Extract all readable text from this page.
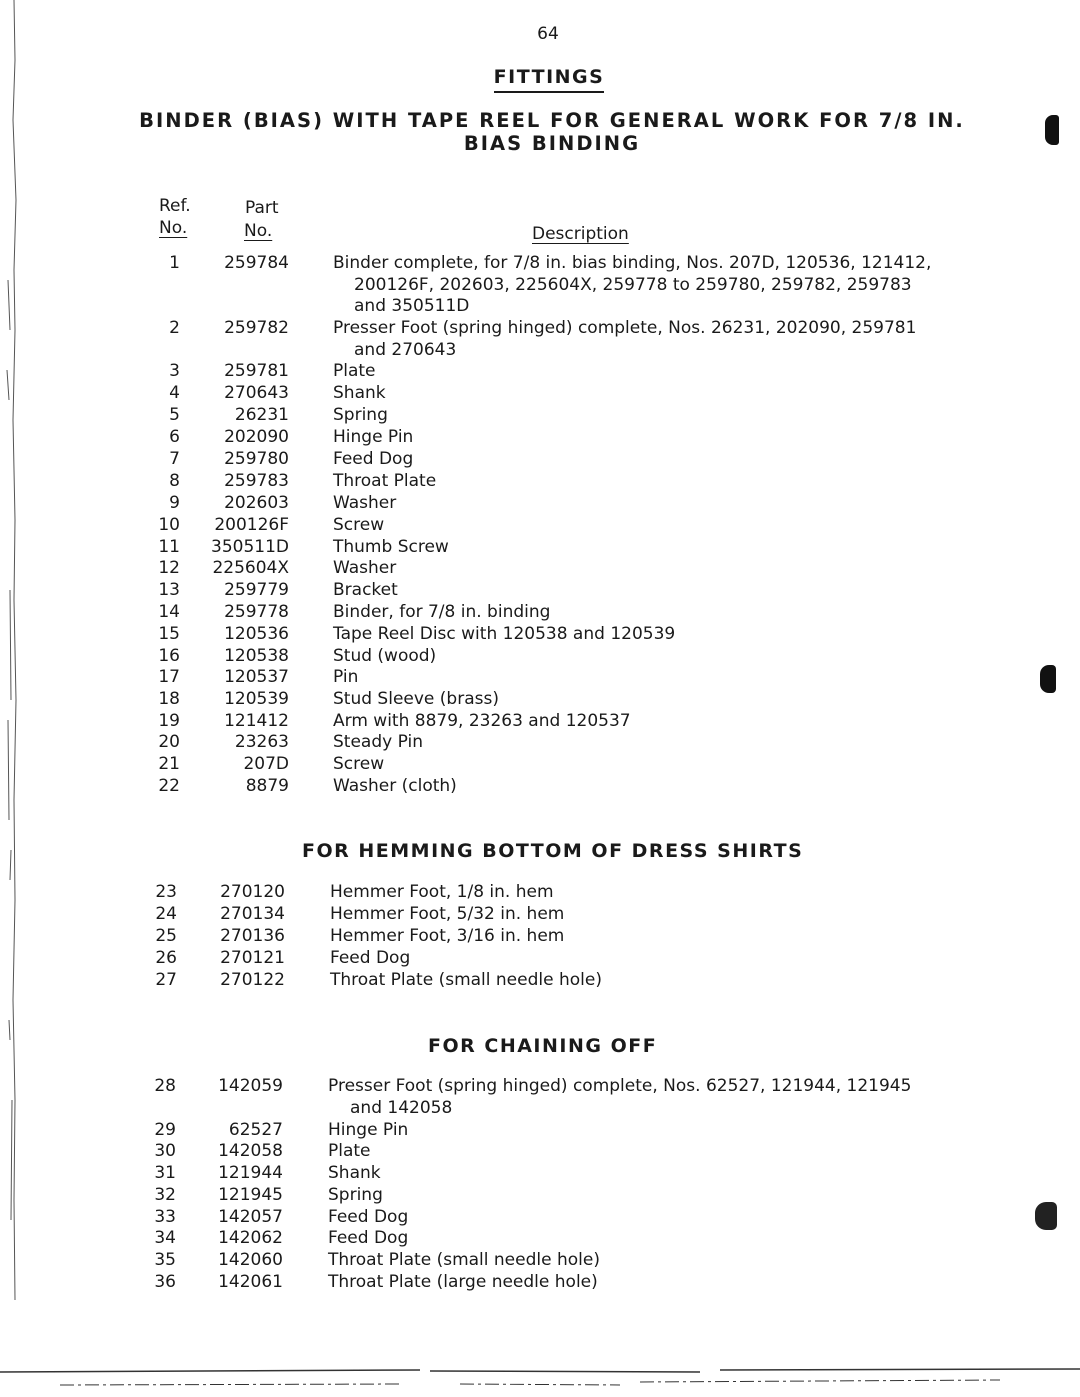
64
FITTINGS
BINDER (BIAS) WITH TAPE REEL FOR GENERAL WORK FOR 7/8 IN.
BIAS BINDING
Ref.
No.
Part
No.	Description
1	259784	Binder complete, for 7/8 in. bias binding, Nos. 207D, 120536, 121412,
200126F, 202603, 225604X, 259778 to 259780, 259782, 259783
and 350511D
2	259782	Presser Foot (spring hinged) complete, Nos. 26231, 202090, 259781
and 270643
3	259781	Plate
4	270643	Shank
5	26231	Spring
6	202090	Hinge Pin
7	259780	Feed Dog
8	259783	Throat Plate
9	202603	Washer
10 200126F	Screw
11 350511D	Thumb Screw
12 225604X	Washer
13	259779	Bracket
14	259778	Binder, for 7/8 in. binding
15	120536	Tape Reel Disc with 120538 and 120539
16	120538	Stud (wood)
17	120537	Pin
18	120539	Stud Sleeve (brass)
19	121412	Arm with 8879, 23263 and 120537
20	23263	Steady Pin
21	207D	Screw
22	8879	Washer (cloth)
FOR HEMMING BOTTOM OF DRESS SHIRTS
23	270120	Hemmer Foot, 1/8 in. hem
24	270134	Hemmer Foot, 5/32 in. hem
25	270136	Hemmer Foot, 3/16 in. hem
26	270121	Feed Dog
27	270122	Throat Plate (small needle hole)
FOR CHAINING OFF
28	142059	Presser Foot (spring hinged) complete, Nos. 62527, 121944, 121945
and 142058
29	62527	Hinge Pin
30	142058	Plate
31	121944	Shank
32	121945	Spring
33	142057	Feed Dog
34	142062	Feed Dog
35	142060	Throat Plate (small needle hole)
36	142061	Throat Plate (large needle hole)
